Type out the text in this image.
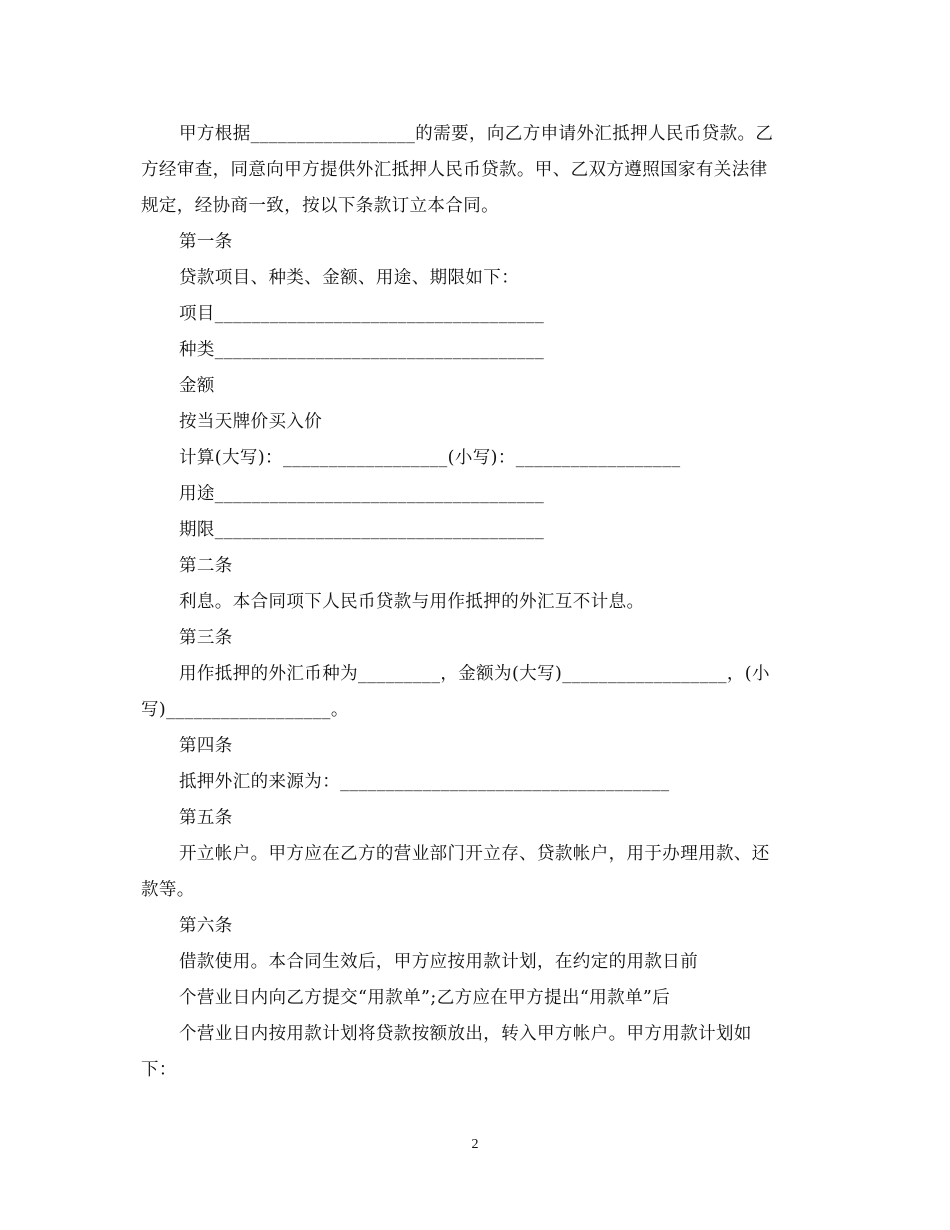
甲方根据__________________的需要，向乙方申请外汇抵押人民币贷款。乙
方经审查，同意向甲方提供外汇抵押人民币贷款。甲、乙双方遵照国家有关法律
规定，经协商一致，按以下条款订立本合同。
第一条
贷款项目、种类、金额、用途、期限如下：
项目____________________________________
种类____________________________________
金额
按当天牌价买入价
计算(大写)：__________________(小写)：__________________
用途____________________________________
期限____________________________________
第二条
利息。本合同项下人民币贷款与用作抵押的外汇互不计息。
第三条
用作抵押的外汇币种为_________，金额为(大写)__________________，(小
写)__________________。
第四条
抵押外汇的来源为：____________________________________
第五条
开立帐户。甲方应在乙方的营业部门开立存、贷款帐户，用于办理用款、还
款等。
第六条
借款使用。本合同生效后，甲方应按用款计划，在约定的用款日前
个营业日内向乙方提交“用款单”;乙方应在甲方提出“用款单”后
个营业日内按用款计划将贷款按额放出，转入甲方帐户。甲方用款计划如
下：
2
